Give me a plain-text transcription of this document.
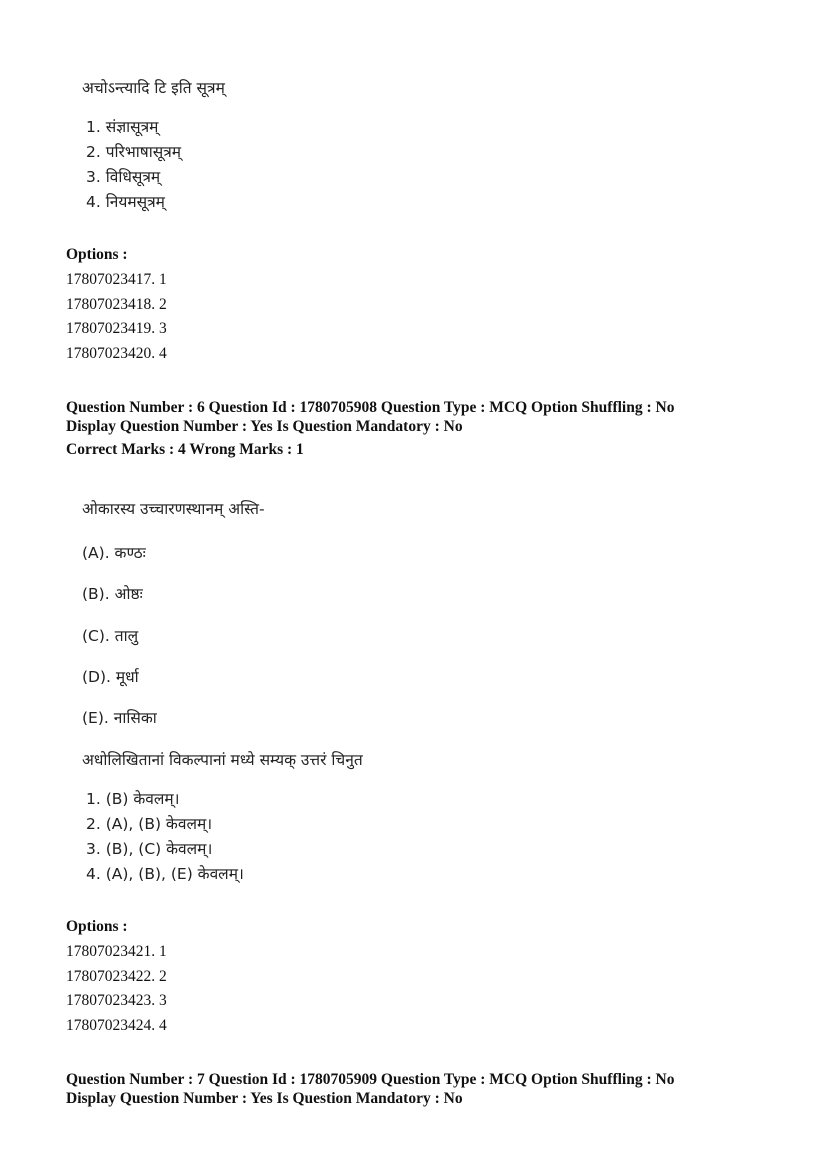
अचोऽन्त्यादि टि इति सूत्रम्
1. संज्ञासूत्रम्
2. परिभाषासूत्रम्
3. विधिसूत्रम्
4. नियमसूत्रम्
Options :
17807023417. 1
17807023418. 2
17807023419. 3
17807023420. 4
Question Number : 6 Question Id : 1780705908 Question Type : MCQ Option Shuffling : No
Display Question Number : Yes Is Question Mandatory : No
Correct Marks : 4 Wrong Marks : 1
ओकारस्य उच्चारणस्थानम् अस्ति-
(A). कण्ठः
(B). ओष्ठः
(C). तालु
(D). मूर्धा
(E). नासिका
अधोलिखितानां विकल्पानां मध्ये सम्यक् उत्तरं चिनुत
1. (B) केवलम्।
2. (A), (B) केवलम्।
3. (B), (C) केवलम्।
4. (A), (B), (E) केवलम्।
Options :
17807023421. 1
17807023422. 2
17807023423. 3
17807023424. 4
Question Number : 7 Question Id : 1780705909 Question Type : MCQ Option Shuffling : No
Display Question Number : Yes Is Question Mandatory : No
